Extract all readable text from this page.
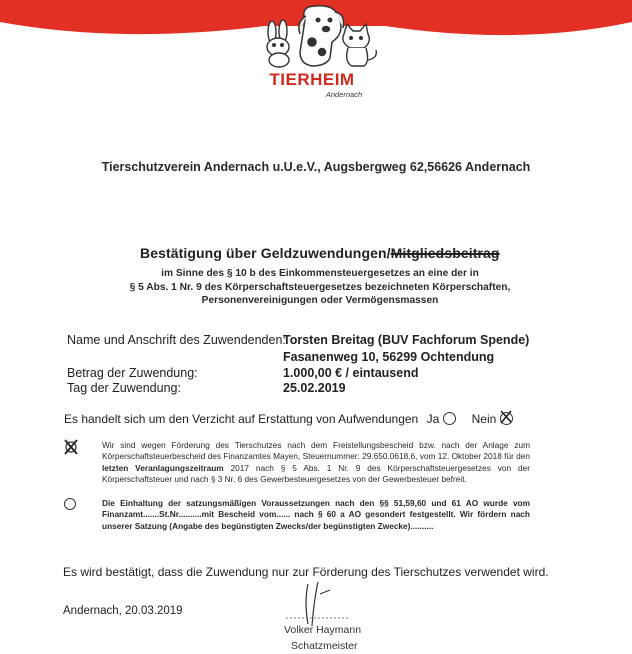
TIERHEIM
Andernach
Tierschutzverein Andernach u.U.e.V., Augsbergweg 62,56626 Andernach
Bestätigung über Geldzuwendungen/Mitgliedsbeitrag
im Sinne des § 10 b des Einkommensteuergesetzes an eine der in
§ 5 Abs. 1 Nr. 9 des Körperschaftsteuergesetzes bezeichneten Körperschaften,
Personenvereinigungen oder Vermögensmassen
Name und Anschrift des Zuwendenden:
Torsten Breitag (BUV Fachforum Spende)
Fasanenweg 10, 56299 Ochtendung
Betrag der Zuwendung:	1.000,00 € / eintausend
Tag der Zuwendung:	25.02.2019
Es handelt sich um den Verzicht auf Erstattung von Aufwendungen Ja	Nein
Wir sind wegen Förderung des Tierschutzes nach dem Freistellungsbescheid bzw. nach der Anlage zum Körperschaftsteuerbescheid des Finanzamtes Mayen, Steuernummer: 29.650.0618.6, vom 12. Oktober 2018 für den letzten Veranlagungszeitraum 2017 nach § 5 Abs. 1 Nr. 9 des Körperschaftsteuergesetzes von der Körperschaftsteuer und nach § 3 Nr. 6 des Gewerbesteuergesetzes von der Gewerbesteuer befreit.
Die Einhaltung der satzungsmäßigen Voraussetzungen nach den §§ 51,59,60 und 61 AO wurde vom Finanzamt.......St.Nr..........mit Bescheid vom...... nach § 60 a AO gesondert festgestellt. Wir fördern nach unserer Satzung (Angabe des begünstigten Zwecks/der begünstigten Zwecke)..........
Es wird bestätigt, dass die Zuwendung nur zur Förderung des Tierschutzes verwendet wird.
Andernach, 20.03.2019
Volker Haymann
Schatzmeister
